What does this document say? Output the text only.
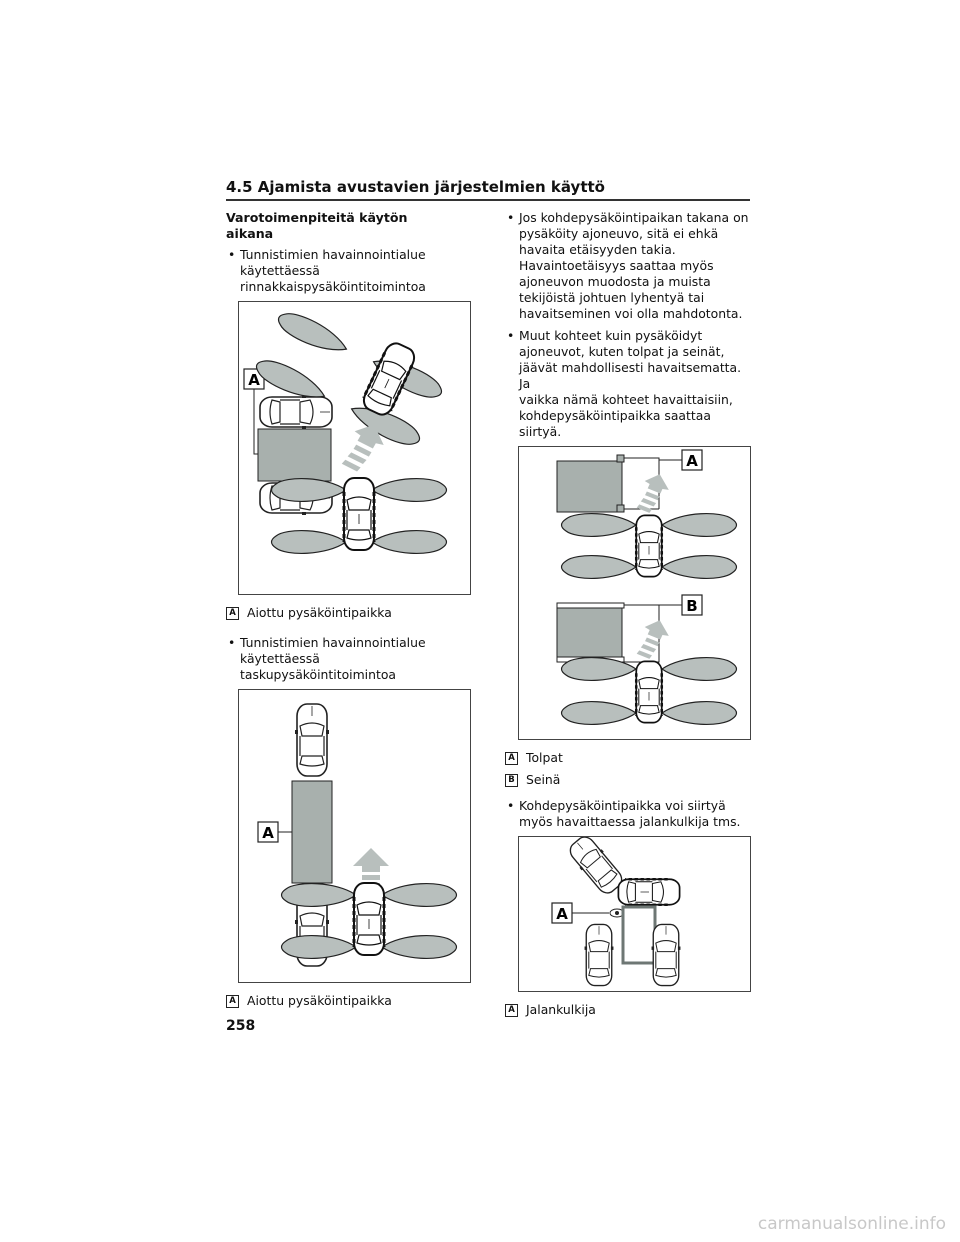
4.5 Ajamista avustavien järjestelmien käyttö
Varotoimenpiteitä käytön aikana
• Tunnistimien havainnointialue
käytettäessä
rinnakkaispysäköintitoimintoa
A
A Aiottu pysäköintipaikka
• Tunnistimien havainnointialue
käytettäessä
taskupysäköintitoimintoa
A
A Aiottu pysäköintipaikka
• Jos kohdepysäköintipaikan takana on
pysäköity ajoneuvo, sitä ei ehkä
havaita etäisyyden takia.
Havaintoetäisyys saattaa myös
ajoneuvon muodosta ja muista
tekijöistä johtuen lyhentyä tai
havaitseminen voi olla mahdotonta.
• Muut kohteet kuin pysäköidyt
ajoneuvot, kuten tolpat ja seinät,
jäävät mahdollisesti havaitsematta. Ja
vaikka nämä kohteet havaittaisiin,
kohdepysäköintipaikka saattaa siirtyä.
A
B
A Tolpat
B Seinä
• Kohdepysäköintipaikka voi siirtyä
myös havaittaessa jalankulkija tms.
A
A Jalankulkija
258
carmanualsonline.info
